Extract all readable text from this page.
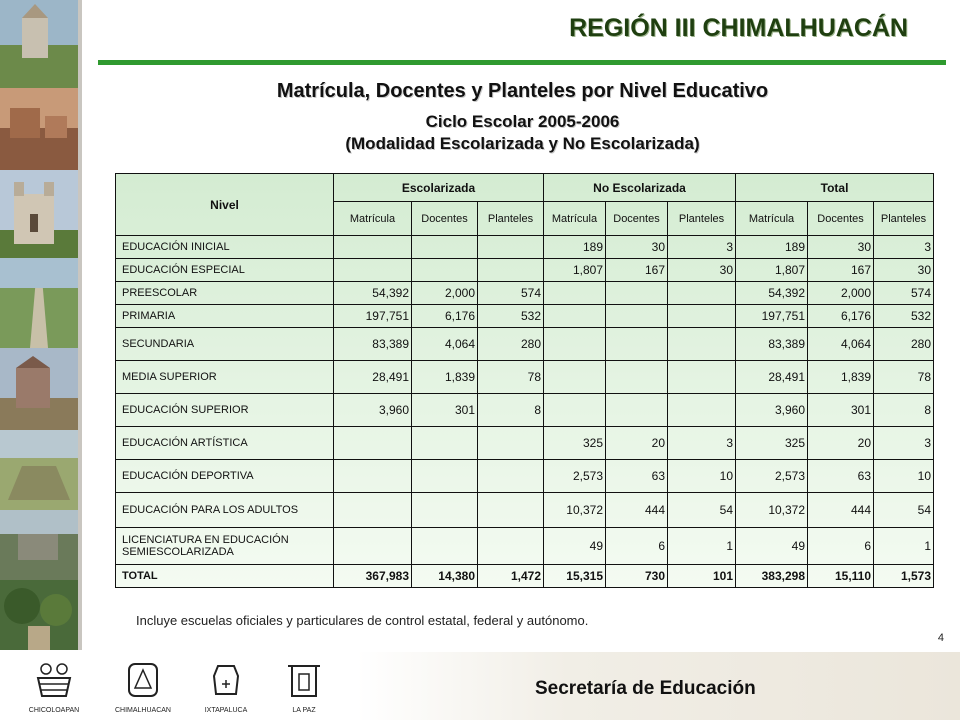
REGIÓN III CHIMALHUACÁN
Matrícula, Docentes y Planteles por Nivel Educativo
Ciclo Escolar 2005-2006
(Modalidad Escolarizada y No Escolarizada)
Nivel	Escolarizada			No Escolarizada			Total		
	Matrícula	Docentes	Planteles	Matrícula	Docentes	Planteles	Matrícula	Docentes	Planteles
EDUCACIÓN INICIAL				189	30	3	189	30	3
EDUCACIÓN ESPECIAL				1,807	167	30	1,807	167	30
PREESCOLAR	54,392	2,000	574				54,392	2,000	574
PRIMARIA	197,751	6,176	532				197,751	6,176	532
SECUNDARIA	83,389	4,064	280				83,389	4,064	280
MEDIA SUPERIOR	28,491	1,839	78				28,491	1,839	78
EDUCACIÓN SUPERIOR	3,960	301	8				3,960	301	8
EDUCACIÓN ARTÍSTICA				325	20	3	325	20	3
EDUCACIÓN DEPORTIVA				2,573	63	10	2,573	63	10
EDUCACIÓN PARA LOS ADULTOS				10,372	444	54	10,372	444	54
LICENCIATURA EN EDUCACIÓN SEMIESCOLARIZADA				49	6	1	49	6	1
TOTAL	367,983	14,380	1,472	15,315	730	101	383,298	15,110	1,573
Incluye escuelas oficiales y particulares de control estatal, federal y autónomo.
4
Secretaría de Educación
CHICOLOAPAN	CHIMALHUACAN	IXTAPALUCA	LA PAZ
